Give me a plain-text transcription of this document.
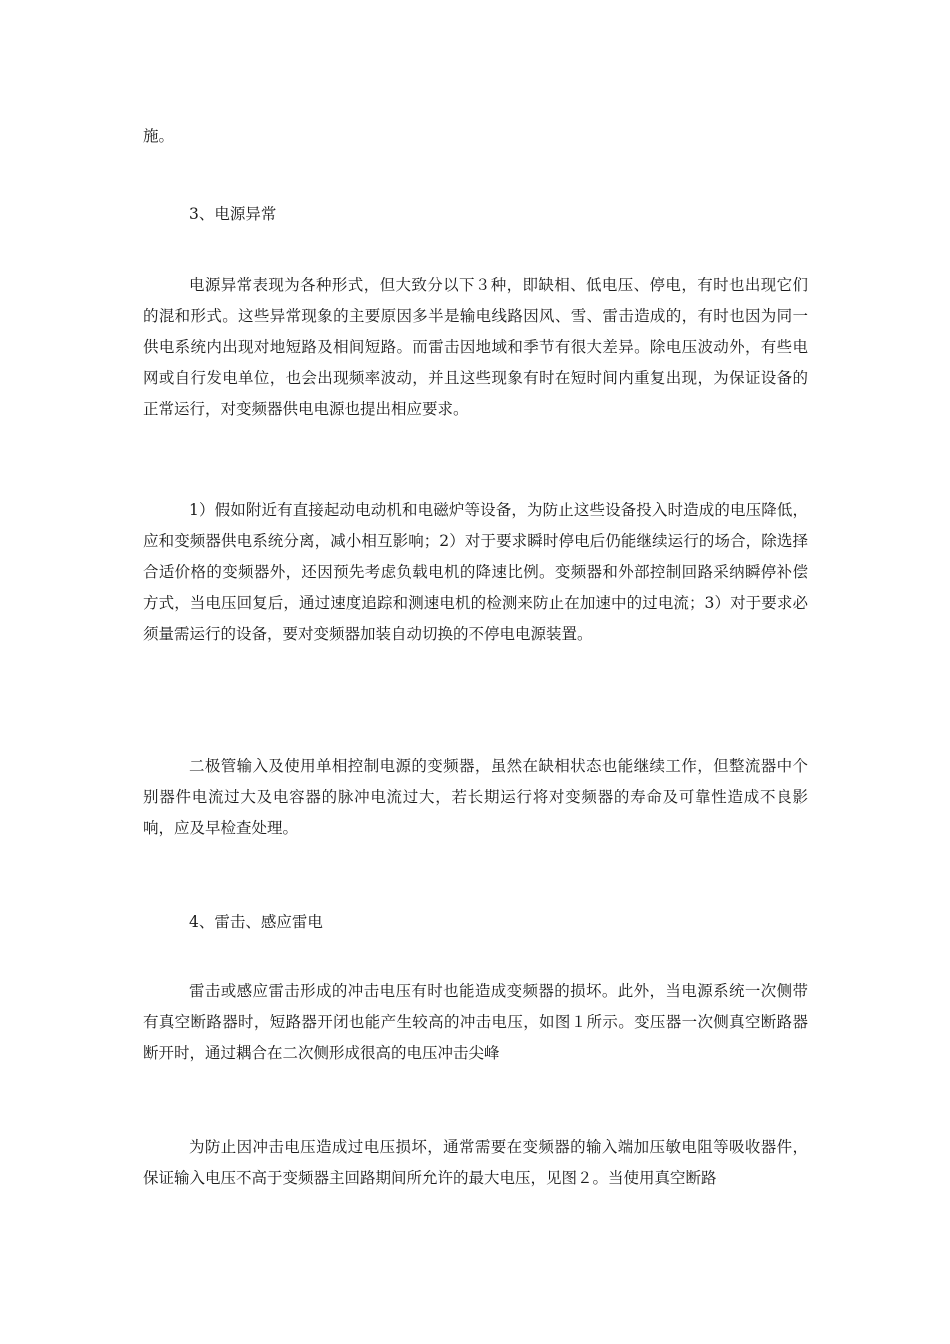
施。

3、电源异常

电源异常表现为各种形式，但大致分以下３种，即缺相、低电压、停电，有时也出现它们的混和形式。这些异常现象的主要原因多半是输电线路因风、雪、雷击造成的，有时也因为同一供电系统内出现对地短路及相间短路。而雷击因地域和季节有很大差异。除电压波动外，有些电网或自行发电单位，也会出现频率波动，并且这些现象有时在短时间内重复出现，为保证设备的正常运行，对变频器供电电源也提出相应要求。

1）假如附近有直接起动电动机和电磁炉等设备，为防止这些设备投入时造成的电压降低，应和变频器供电系统分离，减小相互影响；2）对于要求瞬时停电后仍能继续运行的场合，除选择合适价格的变频器外，还因预先考虑负载电机的降速比例。变频器和外部控制回路采纳瞬停补偿方式，当电压回复后，通过速度追踪和测速电机的检测来防止在加速中的过电流；3）对于要求必须量需运行的设备，要对变频器加装自动切换的不停电电源装置。

二极管输入及使用单相控制电源的变频器，虽然在缺相状态也能继续工作，但整流器中个别器件电流过大及电容器的脉冲电流过大，若长期运行将对变频器的寿命及可靠性造成不良影响，应及早检查处理。

4、雷击、感应雷电

雷击或感应雷击形成的冲击电压有时也能造成变频器的损坏。此外，当电源系统一次侧带有真空断路器时，短路器开闭也能产生较高的冲击电压，如图１所示。变压器一次侧真空断路器断开时，通过耦合在二次侧形成很高的电压冲击尖峰

为防止因冲击电压造成过电压损坏，通常需要在变频器的输入端加压敏电阻等吸收器件，保证输入电压不高于变频器主回路期间所允许的最大电压，见图２。当使用真空断路
